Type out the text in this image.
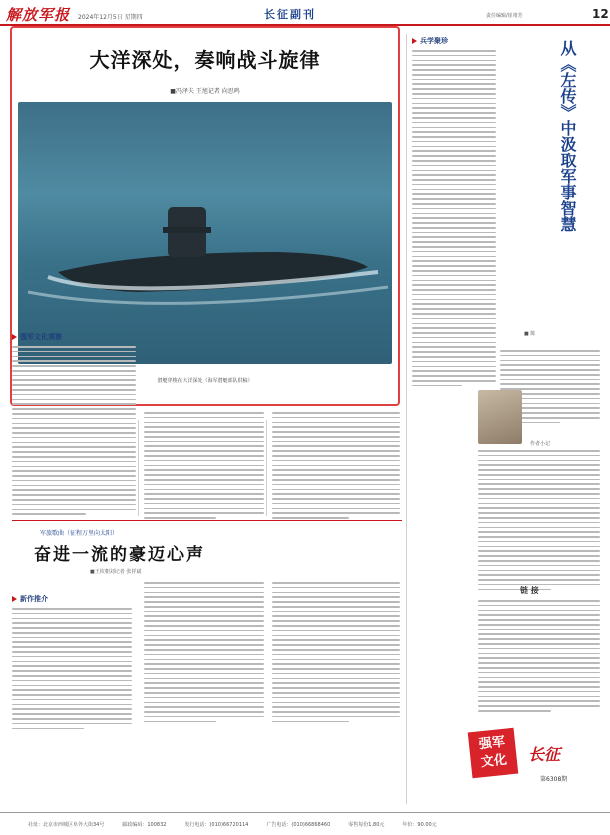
解放军报 2024年12月5日 星期四	长征副刊	责任编辑/崔靖芳	12
大洋深处，奏响战斗旋律
■冯泽夫 王旭记者 向思鸣
潜艇穿梭在大洋深处（海军潜艇部队供稿）
强军文化观察
军旅歌曲（征程万里向太阳）
奋进一流的豪迈心声
■王钦朝刘记者 张祥斌
新作推介
兵学聚珍	从《左传》中汲取军事智慧
■ 陈
作者小记
链 接
强军
文化	长征
第6308期
社址：北京市西城区阜外大街34号	邮政编码：100832	发行电话：(010)66720114	广告电话：(010)66868460	零售每份1.80元	年价：90.00元
